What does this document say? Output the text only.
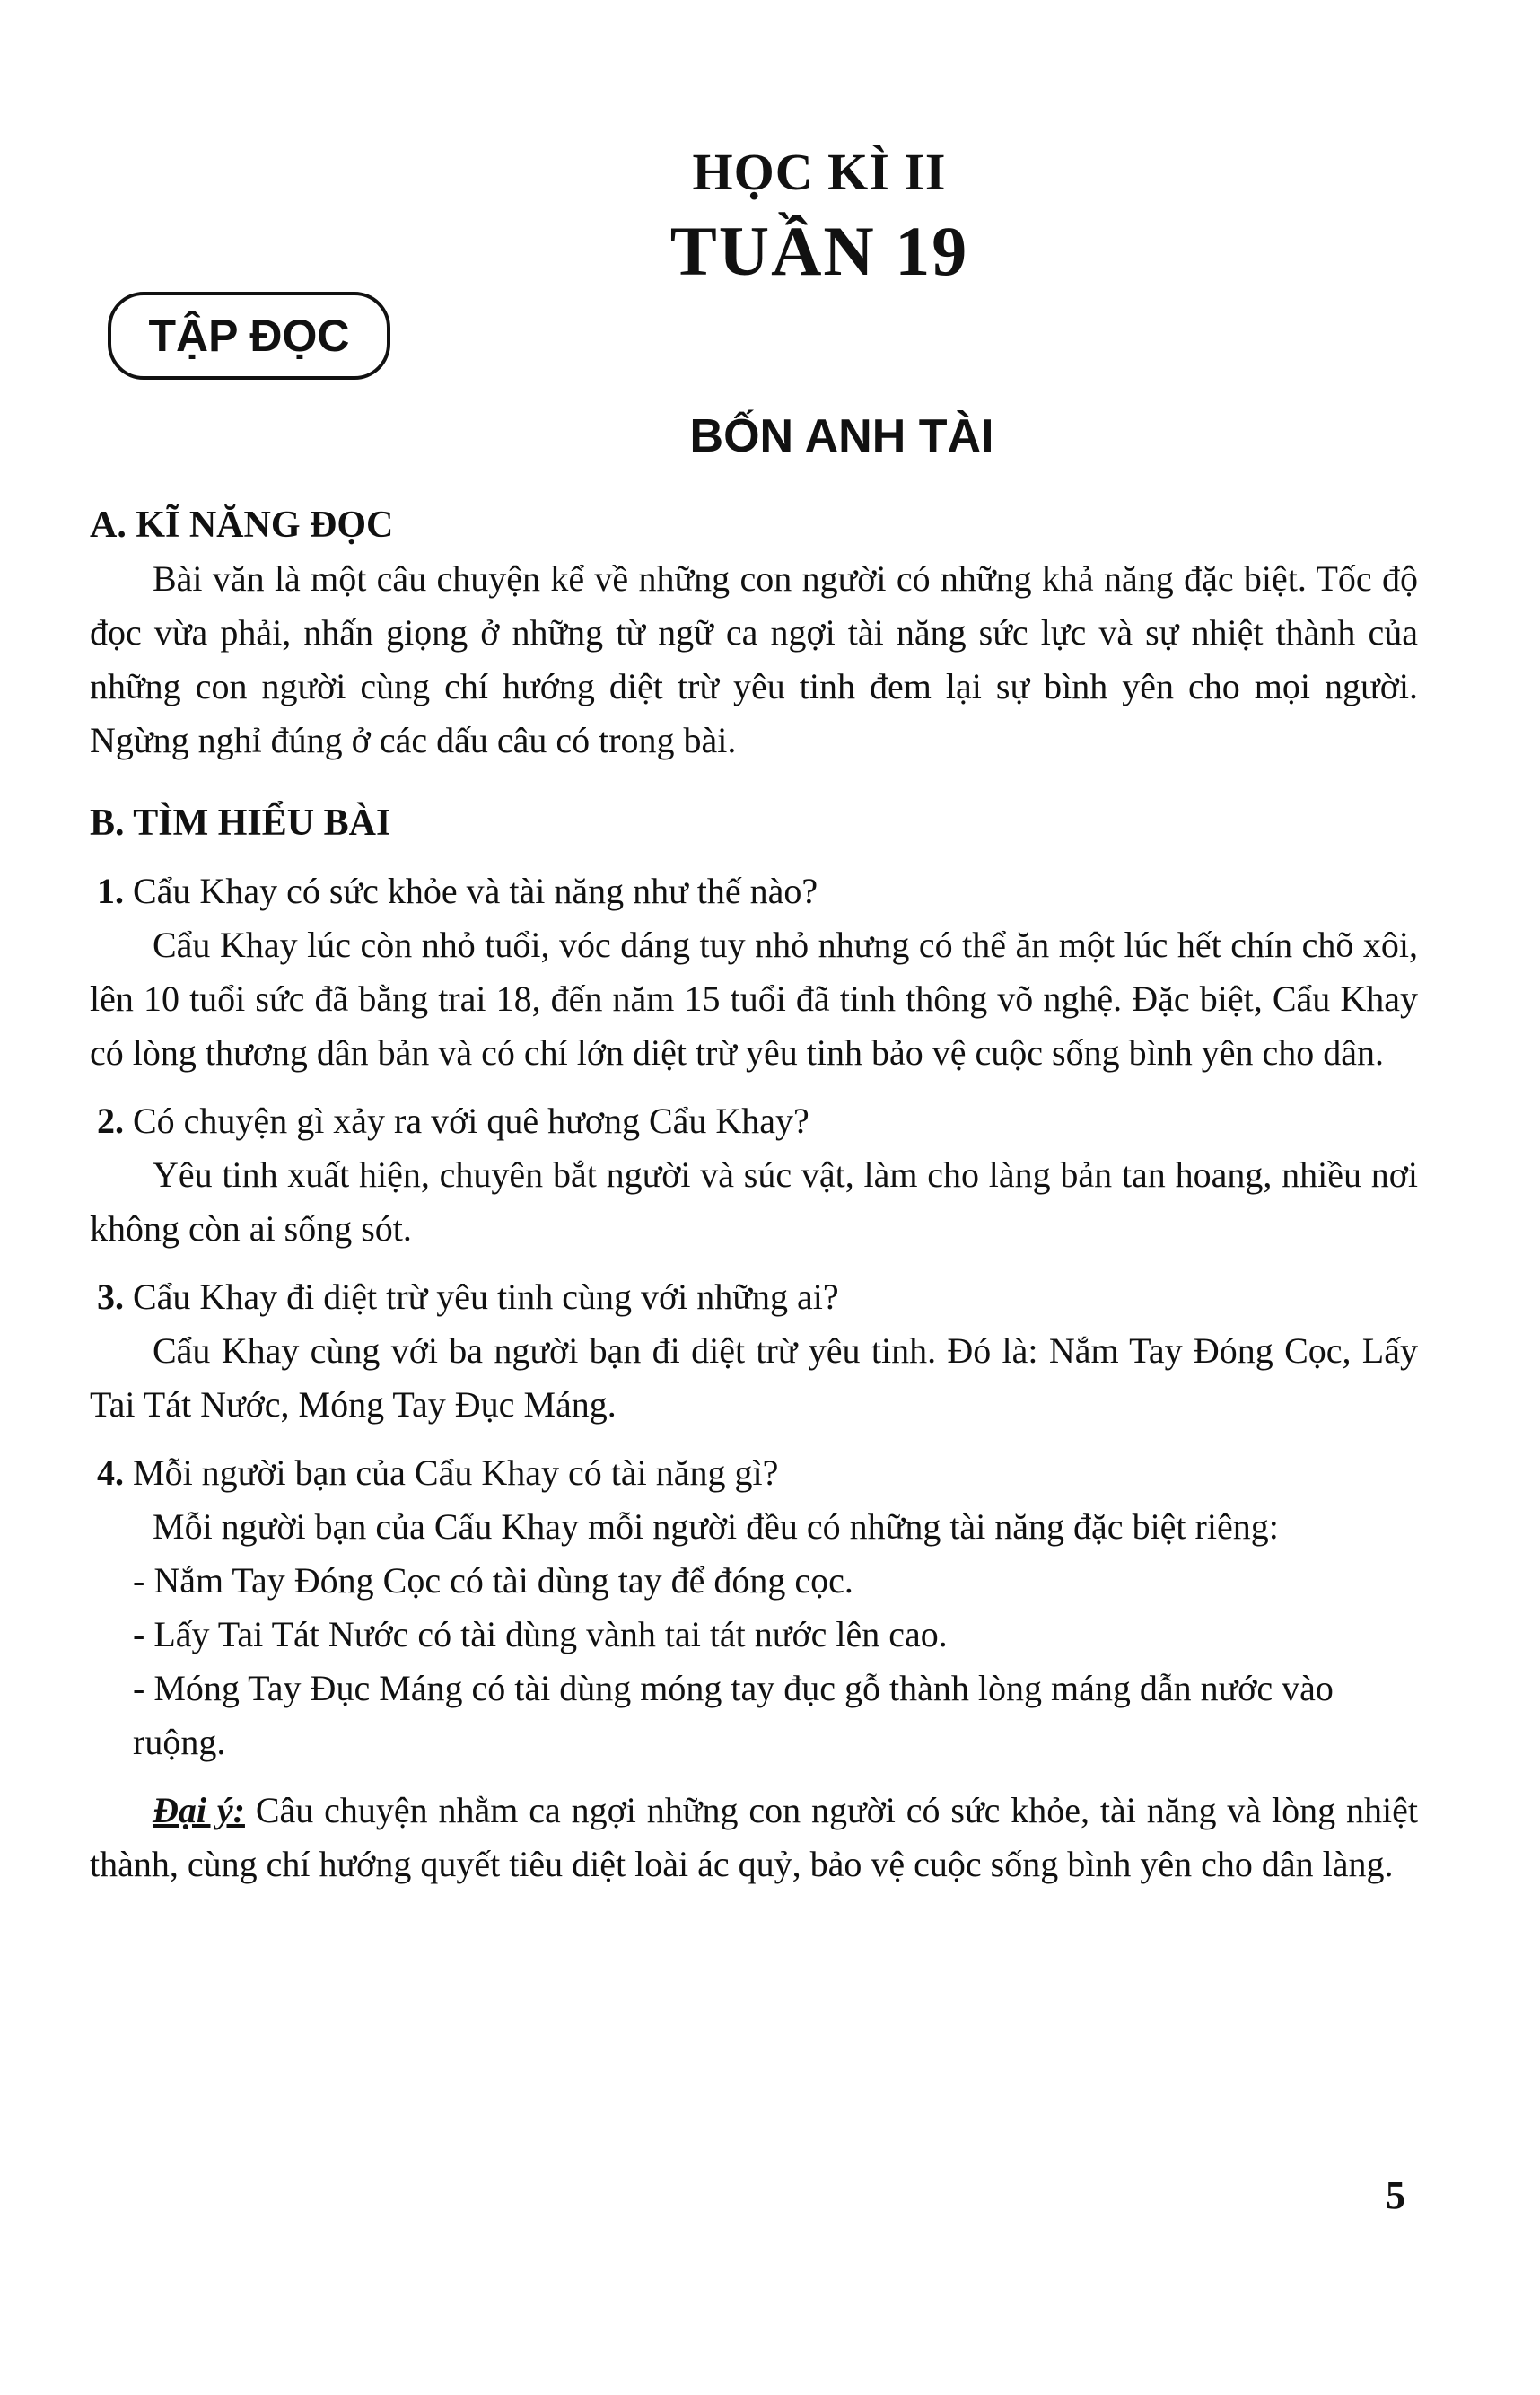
HỌC KÌ II
TUẦN 19
TẬP ĐỌC
BỐN ANH TÀI

A. KĨ NĂNG ĐỌC

Bài văn là một câu chuyện kể về những con người có những khả năng đặc biệt. Tốc độ đọc vừa phải, nhấn giọng ở những từ ngữ ca ngợi tài năng sức lực và sự nhiệt thành của những con người cùng chí hướng diệt trừ yêu tinh đem lại sự bình yên cho mọi người. Ngừng nghỉ đúng ở các dấu câu có trong bài.

B. TÌM HIỂU BÀI

1. Cẩu Khay có sức khỏe và tài năng như thế nào?

Cẩu Khay lúc còn nhỏ tuổi, vóc dáng tuy nhỏ nhưng có thể ăn một lúc hết chín chõ xôi, lên 10 tuổi sức đã bằng trai 18, đến năm 15 tuổi đã tinh thông võ nghệ. Đặc biệt, Cẩu Khay có lòng thương dân bản và có chí lớn diệt trừ yêu tinh bảo vệ cuộc sống bình yên cho dân.

2. Có chuyện gì xảy ra với quê hương Cẩu Khay?

Yêu tinh xuất hiện, chuyên bắt người và súc vật, làm cho làng bản tan hoang, nhiều nơi không còn ai sống sót.

3. Cẩu Khay đi diệt trừ yêu tinh cùng với những ai?

Cẩu Khay cùng với ba người bạn đi diệt trừ yêu tinh. Đó là: Nắm Tay Đóng Cọc, Lấy Tai Tát Nước, Móng Tay Đục Máng.

4. Mỗi người bạn của Cẩu Khay có tài năng gì?

Mỗi người bạn của Cẩu Khay mỗi người đều có những tài năng đặc biệt riêng:

- Nắm Tay Đóng Cọc có tài dùng tay để đóng cọc.

- Lấy Tai Tát Nước có tài dùng vành tai tát nước lên cao.

- Móng Tay Đục Máng có tài dùng móng tay đục gỗ thành lòng máng dẫn nước vào ruộng.

Đại ý: Câu chuyện nhằm ca ngợi những con người có sức khỏe, tài năng và lòng nhiệt thành, cùng chí hướng quyết tiêu diệt loài ác quỷ, bảo vệ cuộc sống bình yên cho dân làng.

5
